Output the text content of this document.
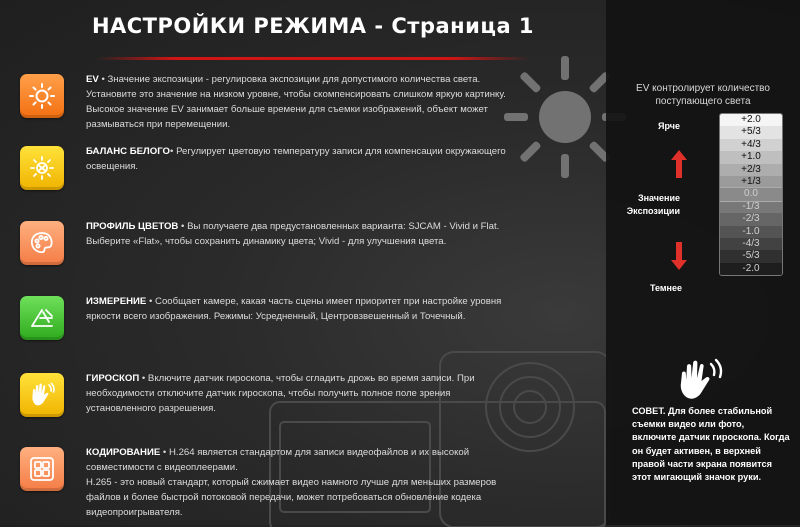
НАСТРОЙКИ РЕЖИМА - Страница 1
EV • Значение экспозиции - регулировка экспозиции для допустимого количества света. Установите это значение на низком уровне, чтобы скомпенсировать слишком яркую картинку. Высокое значение EV занимает больше времени для съемки изображений, объект может размываться при перемещении.
БАЛАНС БЕЛОГО• Регулирует цветовую температуру записи для компенсации окружающего освещения.
ПРОФИЛЬ ЦВЕТОВ • Вы получаете два предустановленных варианта: SJCAM - Vivid и Flat. Выберите «Flat», чтобы сохранить динамику цвета; Vivid - для улучшения цвета.
ИЗМЕРЕНИЕ • Сообщает камере, какая часть сцены имеет приоритет при настройке уровня яркости всего изображения. Режимы: Усредненный, Центровзвешенный и Точечный.
ГИРОСКОП • Включите датчик гироскопа, чтобы сгладить дрожь во время записи. При необходимости отключите датчик гироскопа, чтобы получить полное поле зрения установленного разрешения.
КОДИРОВАНИЕ • H.264 является стандартом для записи видеофайлов и их высокой совместимости с видеоплеерами.
H.265 - это новый стандарт, который сжимает видео намного лучше для меньших размеров файлов и более быстрой потоковой передачи, может потребоваться обновление кодека видеопроигрывателя.
EV контролирует количество поступающего света
Ярче
Значение
Экспозиции
Темнее
+2.0
+5/3
+4/3
+1.0
+2/3
+1/3
0.0
-1/3
-2/3
-1.0
-4/3
-5/3
-2.0
СОВЕТ. Для более стабильной съемки видео или фото, включите датчик гироскопа. Когда он будет активен, в верхней правой части экрана появится этот мигающий значок руки.
